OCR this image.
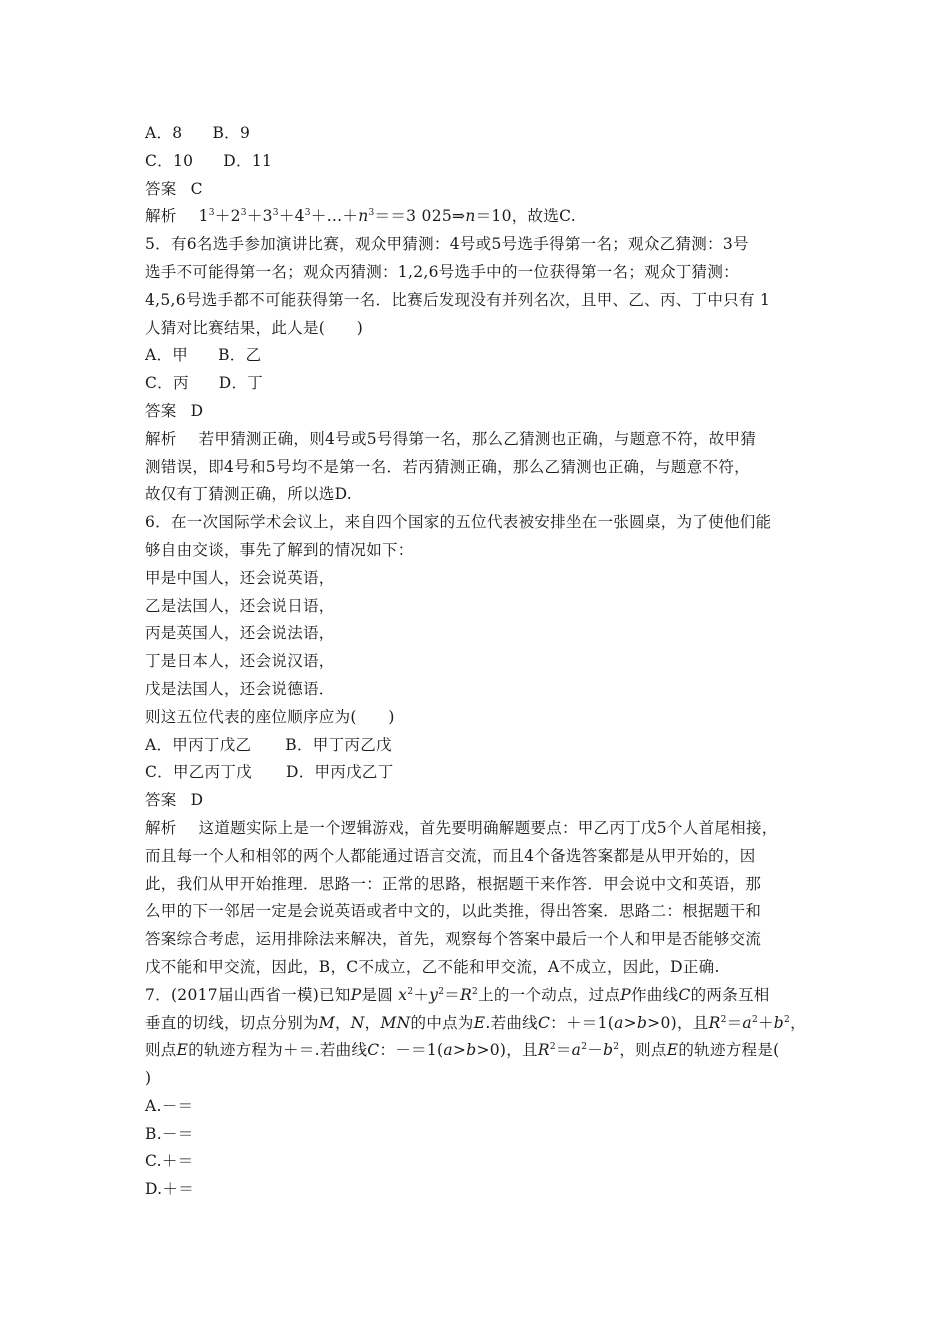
A．8 B．9
C．10 D．11
答案 C
解析 $1^3+2^3+3^3+4^3+\dots+n^3==3$ 025⇒n＝10，故选C.
5．有6名选手参加演讲比赛，观众甲猜测：4号或5号选手得第一名；观众乙猜测：3号
选手不可能得第一名；观众丙猜测：1,2,6号选手中的一位获得第一名；观众丁猜测：
4,5,6号选手都不可能获得第一名．比赛后发现没有并列名次，且甲、乙、丙、丁中只有 1
人猜对比赛结果，此人是(　　)
A．甲 B．乙
C．丙 D．丁
答案 D
解析 若甲猜测正确，则4号或5号得第一名，那么乙猜测也正确，与题意不符，故甲猜
测错误，即4号和5号均不是第一名．若丙猜测正确，那么乙猜测也正确，与题意不符，
故仅有丁猜测正确，所以选D.
6．在一次国际学术会议上，来自四个国家的五位代表被安排坐在一张圆桌，为了使他们能
够自由交谈，事先了解到的情况如下：
甲是中国人，还会说英语，
乙是法国人，还会说日语，
丙是英国人，还会说法语，
丁是日本人，还会说汉语，
戊是法国人，还会说德语．
则这五位代表的座位顺序应为(　　)
A．甲丙丁戊乙 B．甲丁丙乙戊
C．甲乙丙丁戊 D．甲丙戊乙丁
答案 D
解析 这道题实际上是一个逻辑游戏，首先要明确解题要点：甲乙丙丁戊5个人首尾相接，
而且每一个人和相邻的两个人都能通过语言交流，而且4个备选答案都是从甲开始的，因
此，我们从甲开始推理．思路一：正常的思路，根据题干来作答．甲会说中文和英语，那
么甲的下一邻居一定是会说英语或者中文的，以此类推，得出答案．思路二：根据题干和
答案综合考虑，运用排除法来解决，首先，观察每个答案中最后一个人和甲是否能够交流
戊不能和甲交流，因此，B，C不成立，乙不能和甲交流，A不成立，因此，D正确.
7．(2017届山西省一模)已知P是圆 $x^2+y^2=R^2$上的一个动点，过点P作曲线C的两条互相
垂直的切线，切点分别为M，N，MN的中点为E.若曲线C：＋＝1(a>b>0)，且$R^2=a^2+b^2$，
则点E的轨迹方程为＋＝.若曲线C：－＝1(a>b>0)，且$R^2=a^2-b^2$，则点E的轨迹方程是(
)
A.－＝
B.－＝
C.＋＝
D.＋＝
